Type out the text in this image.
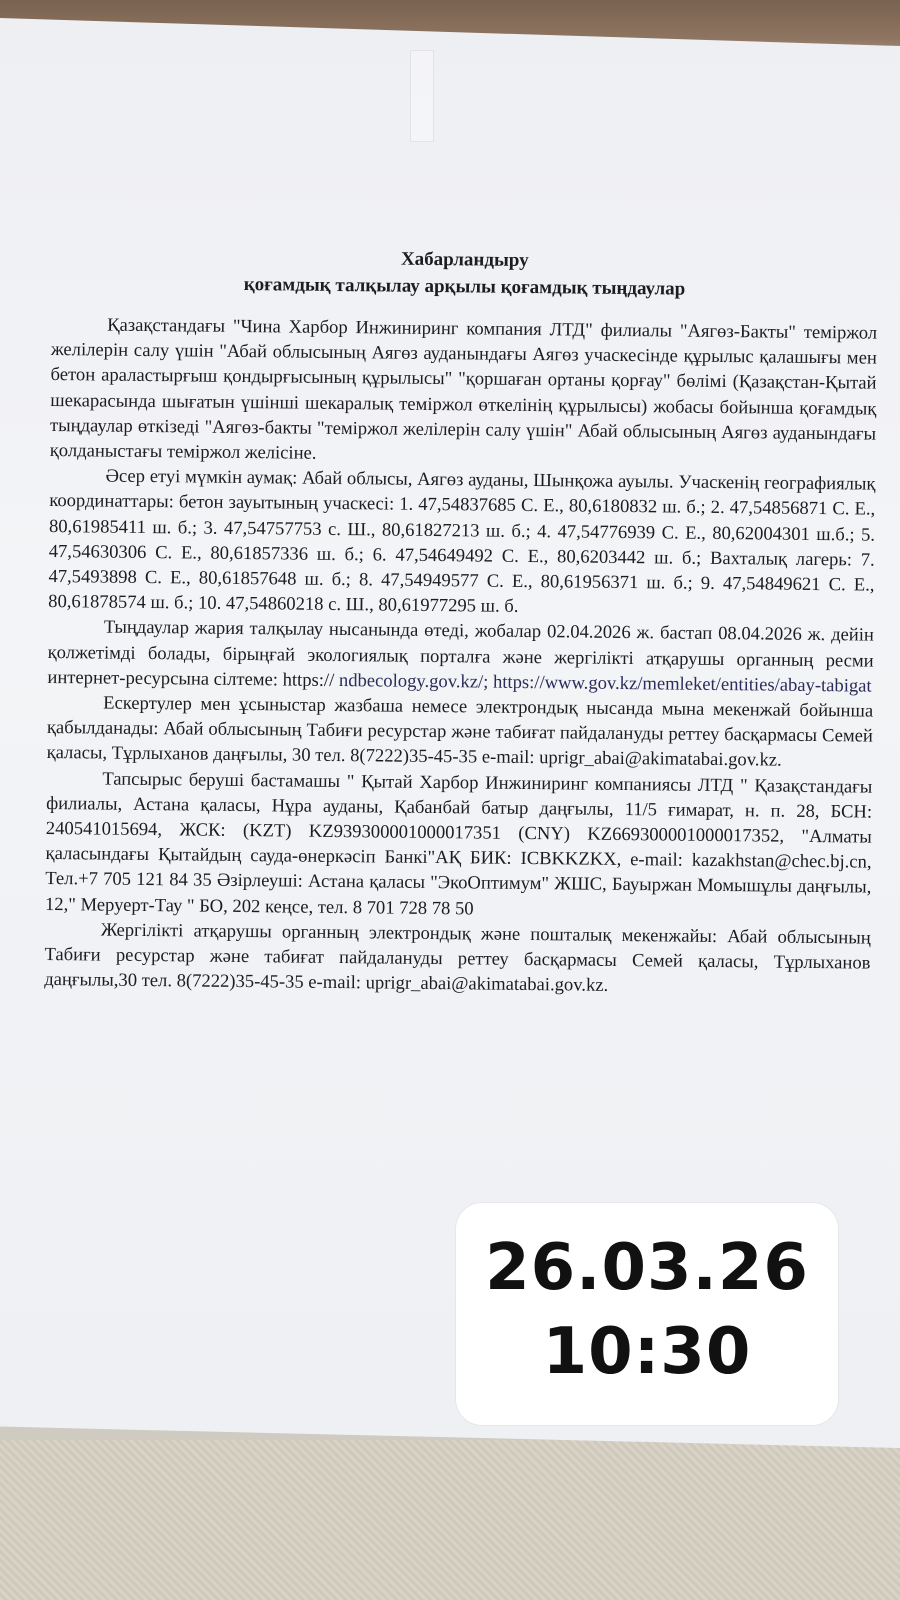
Хабарландыру

қоғамдық талқылау арқылы қоғамдық тыңдаулар

Қазақстандағы "Чина Харбор Инжиниринг компания ЛТД" филиалы "Аягөз-Бакты" теміржол желілерін салу үшін "Абай облысының Аягөз ауданындағы Аягөз учаскесінде құрылыс қалашығы мен бетон араластырғыш қондырғысының құрылысы" "қоршаған ортаны қорғау" бөлімі (Қазақстан-Қытай шекарасында шығатын үшінші шекаралық теміржол өткелінің құрылысы) жобасы бойынша қоғамдық тыңдаулар өткізеді "Аягөз-бакты "теміржол желілерін салу үшін" Абай облысының Аягөз ауданындағы қолданыстағы теміржол желісіне.

Әсер етуі мүмкін аумақ: Абай облысы, Аягөз ауданы, Шынқожа ауылы. Учаскенің географиялық координаттары: бетон зауытының учаскесі: 1. 47,54837685 С. Е., 80,6180832 ш. б.; 2. 47,54856871 С. Е., 80,61985411 ш. б.; 3. 47,54757753 с. Ш., 80,61827213 ш. б.; 4. 47,54776939 С. Е., 80,62004301 ш.б.; 5. 47,54630306 С. Е., 80,61857336 ш. б.; 6. 47,54649492 С. Е., 80,6203442 ш. б.; Вахталық лагерь: 7. 47,5493898 С. Е., 80,61857648 ш. б.; 8. 47,54949577 С. Е., 80,61956371 ш. б.; 9. 47,54849621 С. Е., 80,61878574 ш. б.; 10. 47,54860218 с. Ш., 80,61977295 ш. б.

Тыңдаулар жария талқылау нысанында өтеді, жобалар 02.04.2026 ж. бастап 08.04.2026 ж. дейін қолжетімді болады, бірыңғай экологиялық порталға және жергілікті атқарушы органның ресми интернет-ресурсына сілтеме: https:// ndbecology.gov.kz/; https://www.gov.kz/memleket/entities/abay-tabigat

Ескертулер мен ұсыныстар жазбаша немесе электрондық нысанда мына мекенжай бойынша қабылданады: Абай облысының Табиғи ресурстар және табиғат пайдалануды реттеу басқармасы Семей қаласы, Тұрлыханов даңғылы, 30 тел. 8(7222)35-45-35 e-mail: uprigr_abai@akimatabai.gov.kz.

Тапсырыс беруші бастамашы " Қытай Харбор Инжиниринг компаниясы ЛТД " Қазақстандағы филиалы, Астана қаласы, Нұра ауданы, Қабанбай батыр даңғылы, 11/5 ғимарат, н. п. 28, БСН: 240541015694, ЖСК: (KZT) KZ939300001000017351 (CNY) KZ669300001000017352, "Алматы қаласындағы Қытайдың сауда-өнеркәсіп Банкі"АҚ БИК: ICBKKZKX, e-mail: kazakhstan@chec.bj.cn, Тел.+7 705 121 84 35 Әзірлеуші: Астана қаласы "ЭкоОптимум" ЖШС, Бауыржан Момышұлы даңғылы, 12," Меруерт-Тау " БО, 202 кеңсе, тел. 8 701 728 78 50

Жергілікті атқарушы органның электрондық және пошталық мекенжайы: Абай облысының Табиғи ресурстар және табиғат пайдалануды реттеу басқармасы Семей қаласы, Тұрлыханов даңғылы,30 тел. 8(7222)35-45-35 e-mail: uprigr_abai@akimatabai.gov.kz.

26.03.26
10:30
